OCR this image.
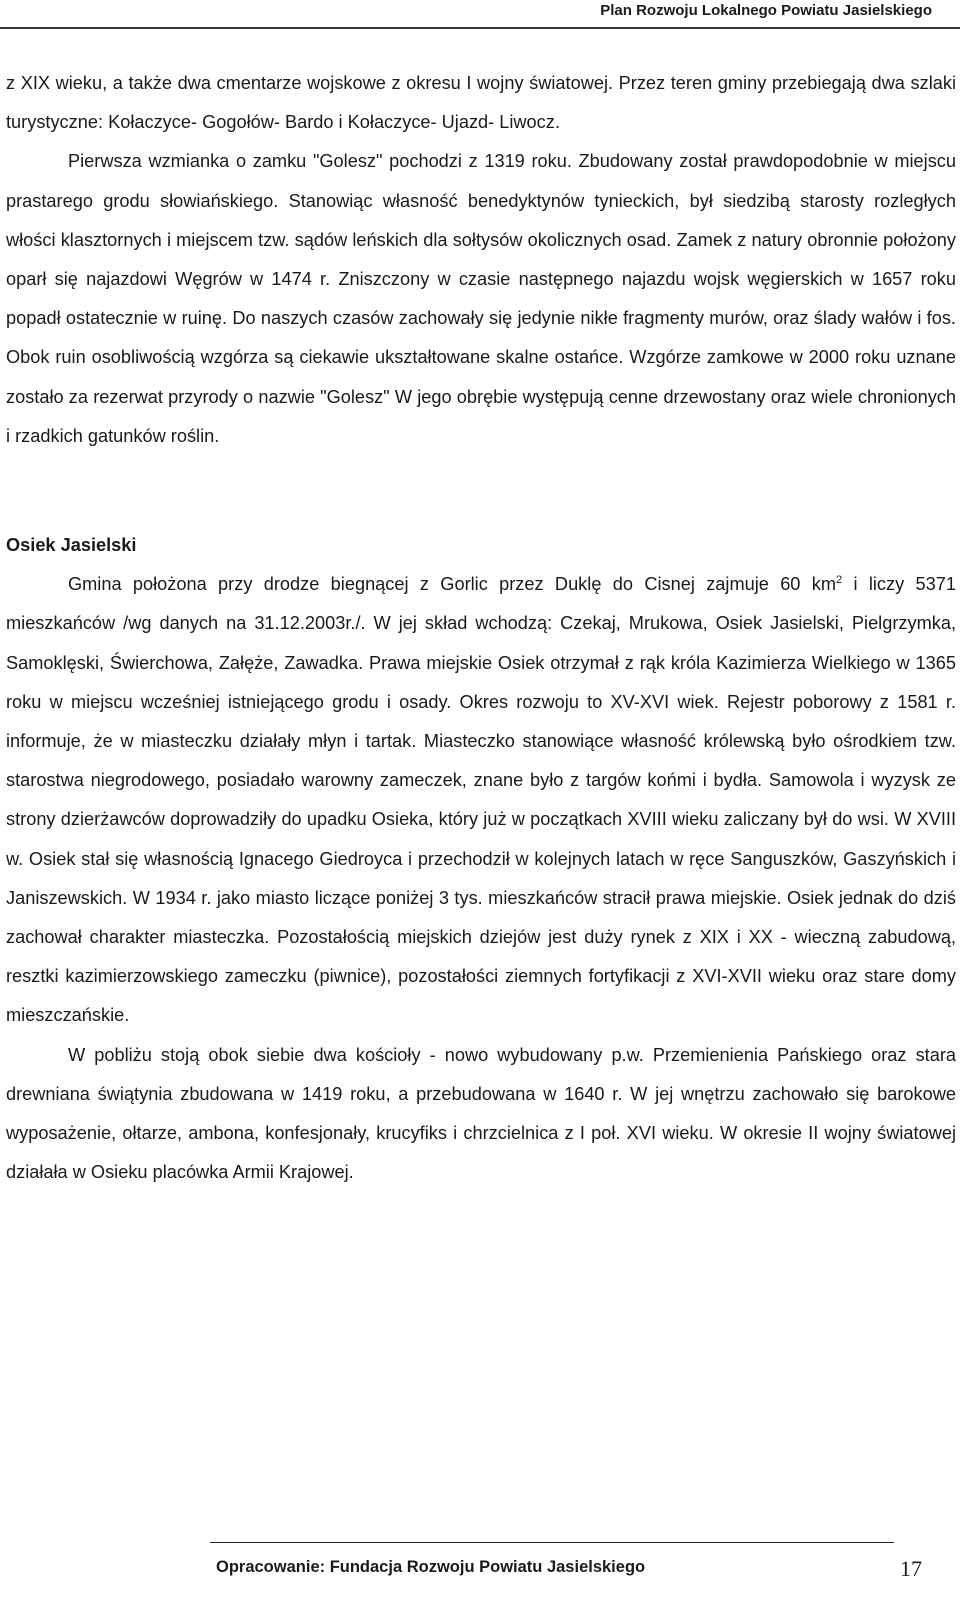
Plan Rozwoju Lokalnego Powiatu Jasielskiego

z XIX wieku, a także dwa cmentarze wojskowe z okresu I wojny światowej. Przez teren gminy przebiegają dwa szlaki turystyczne: Kołaczyce- Gogołów- Bardo i Kołaczyce- Ujazd- Liwocz.

Pierwsza wzmianka o zamku "Golesz" pochodzi z 1319 roku. Zbudowany został prawdopodobnie w miejscu prastarego grodu słowiańskiego. Stanowiąc własność benedyktynów tynieckich, był siedzibą starosty rozległych włości klasztornych i miejscem tzw. sądów leńskich dla sołtysów okolicznych osad. Zamek z natury obronnie położony oparł się najazdowi Węgrów w 1474 r. Zniszczony w czasie następnego najazdu wojsk węgierskich w 1657 roku popadł ostatecznie w ruinę. Do naszych czasów zachowały się jedynie nikłe fragmenty murów, oraz ślady wałów i fos. Obok ruin osobliwością wzgórza są ciekawie ukształtowane skalne ostańce. Wzgórze zamkowe w 2000 roku uznane zostało za rezerwat przyrody o nazwie "Golesz" W jego obrębie występują cenne drzewostany oraz wiele chronionych i rzadkich gatunków roślin.

Osiek Jasielski

Gmina położona przy drodze biegnącej z Gorlic przez Duklę do Cisnej zajmuje 60 $km^2$ i liczy 5371 mieszkańców /wg danych na 31.12.2003r./. W jej skład wchodzą: Czekaj, Mrukowa, Osiek Jasielski, Pielgrzymka, Samoklęski, Świerchowa, Załęże, Zawadka. Prawa miejskie Osiek otrzymał z rąk króla Kazimierza Wielkiego w 1365 roku w miejscu wcześniej istniejącego grodu i osady. Okres rozwoju to XV-XVI wiek. Rejestr poborowy z 1581 r. informuje, że w miasteczku działały młyn i tartak. Miasteczko stanowiące własność królewską było ośrodkiem tzw. starostwa niegrodowego, posiadało warowny zameczek, znane było z targów końmi i bydła. Samowola i wyzysk ze strony dzierżawców doprowadziły do upadku Osieka, który już w początkach XVIII wieku zaliczany był do wsi. W XVIII w. Osiek stał się własnością Ignacego Giedroyca i przechodził w kolejnych latach w ręce Sanguszków, Gaszyńskich i Janiszewskich. W 1934 r. jako miasto liczące poniżej 3 tys. mieszkańców stracił prawa miejskie. Osiek jednak do dziś zachował charakter miasteczka. Pozostałością miejskich dziejów jest duży rynek z XIX i XX - wieczną zabudową, resztki kazimierzowskiego zameczku (piwnice), pozostałości ziemnych fortyfikacji z XVI-XVII wieku oraz stare domy mieszczańskie.

W pobliżu stoją obok siebie dwa kościoły - nowo wybudowany p.w. Przemienienia Pańskiego oraz stara drewniana świątynia zbudowana w 1419 roku, a przebudowana w 1640 r. W jej wnętrzu zachowało się barokowe wyposażenie, ołtarze, ambona, konfesjonały, krucyfiks i chrzcielnica z I poł. XVI wieku. W okresie II wojny światowej działała w Osieku placówka Armii Krajowej.

Opracowanie: Fundacja Rozwoju Powiatu Jasielskiego	17
